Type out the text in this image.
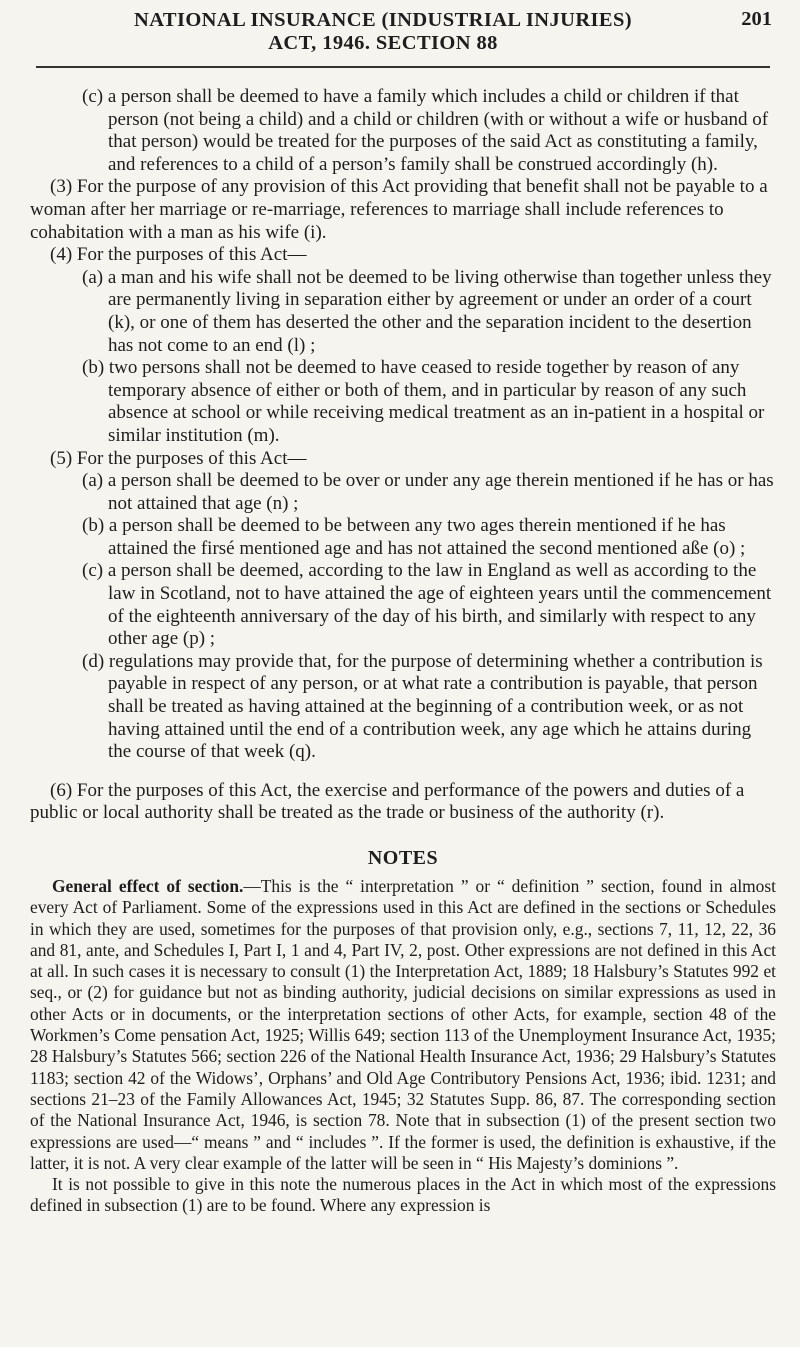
NATIONAL INSURANCE (INDUSTRIAL INJURIES)
ACT, 1946. SECTION 88
201

(c) a person shall be deemed to have a family which includes a child or children if that person (not being a child) and a child or children (with or without a wife or husband of that person) would be treated for the purposes of the said Act as constituting a family, and references to a child of a person’s family shall be construed accordingly (h).

(3) For the purpose of any provision of this Act providing that benefit shall not be payable to a woman after her marriage or re-marriage, references to marriage shall include references to cohabitation with a man as his wife (i).

(4) For the purposes of this Act—

(a) a man and his wife shall not be deemed to be living otherwise than together unless they are permanently living in separation either by agreement or under an order of a court (k), or one of them has deserted the other and the separation incident to the desertion has not come to an end (l) ;

(b) two persons shall not be deemed to have ceased to reside together by reason of any temporary absence of either or both of them, and in particular by reason of any such absence at school or while receiving medical treatment as an in-patient in a hospital or similar institution (m).

(5) For the purposes of this Act—

(a) a person shall be deemed to be over or under any age therein mentioned if he has or has not attained that age (n) ;

(b) a person shall be deemed to be between any two ages therein mentioned if he has attained the firsé mentioned age and has not attained the second mentioned aße (o) ;

(c) a person shall be deemed, according to the law in England as well as according to the law in Scotland, not to have attained the age of eighteen years until the commencement of the eighteenth anniversary of the day of his birth, and similarly with respect to any other age (p) ;

(d) regulations may provide that, for the purpose of determining whether a contribution is payable in respect of any person, or at what rate a contribution is payable, that person shall be treated as having attained at the beginning of a contribution week, or as not having attained until the end of a contribution week, any age which he attains during the course of that week (q).

(6) For the purposes of this Act, the exercise and performance of the powers and duties of a public or local authority shall be treated as the trade or business of the authority (r).

NOTES

General effect of section.—This is the “ interpretation ” or “ definition ” section, found in almost every Act of Parliament. Some of the expressions used in this Act are defined in the sections or Schedules in which they are used, sometimes for the purposes of that provision only, e.g., sections 7, 11, 12, 22, 36 and 81, ante, and Schedules I, Part I, 1 and 4, Part IV, 2, post. Other expressions are not defined in this Act at all. In such cases it is necessary to consult (1) the Interpretation Act, 1889; 18 Halsbury’s Statutes 992 et seq., or (2) for guidance but not as binding authority, judicial decisions on similar expressions as used in other Acts or in documents, or the interpretation sections of other Acts, for example, section 48 of the Workmen’s Come pensation Act, 1925; Willis 649; section 113 of the Unemployment Insurance Act, 1935; 28 Halsbury’s Statutes 566; section 226 of the National Health Insurance Act, 1936; 29 Halsbury’s Statutes 1183; section 42 of the Widows’, Orphans’ and Old Age Contributory Pensions Act, 1936; ibid. 1231; and sections 21–23 of the Family Allowances Act, 1945; 32 Statutes Supp. 86, 87. The corresponding section of the National Insurance Act, 1946, is section 78. Note that in subsection (1) of the present section two expressions are used—“ means ” and “ includes ”. If the former is used, the definition is exhaustive, if the latter, it is not. A very clear example of the latter will be seen in “ His Majesty’s dominions ”.

It is not possible to give in this note the numerous places in the Act in which most of the expressions defined in subsection (1) are to be found. Where any expression is
